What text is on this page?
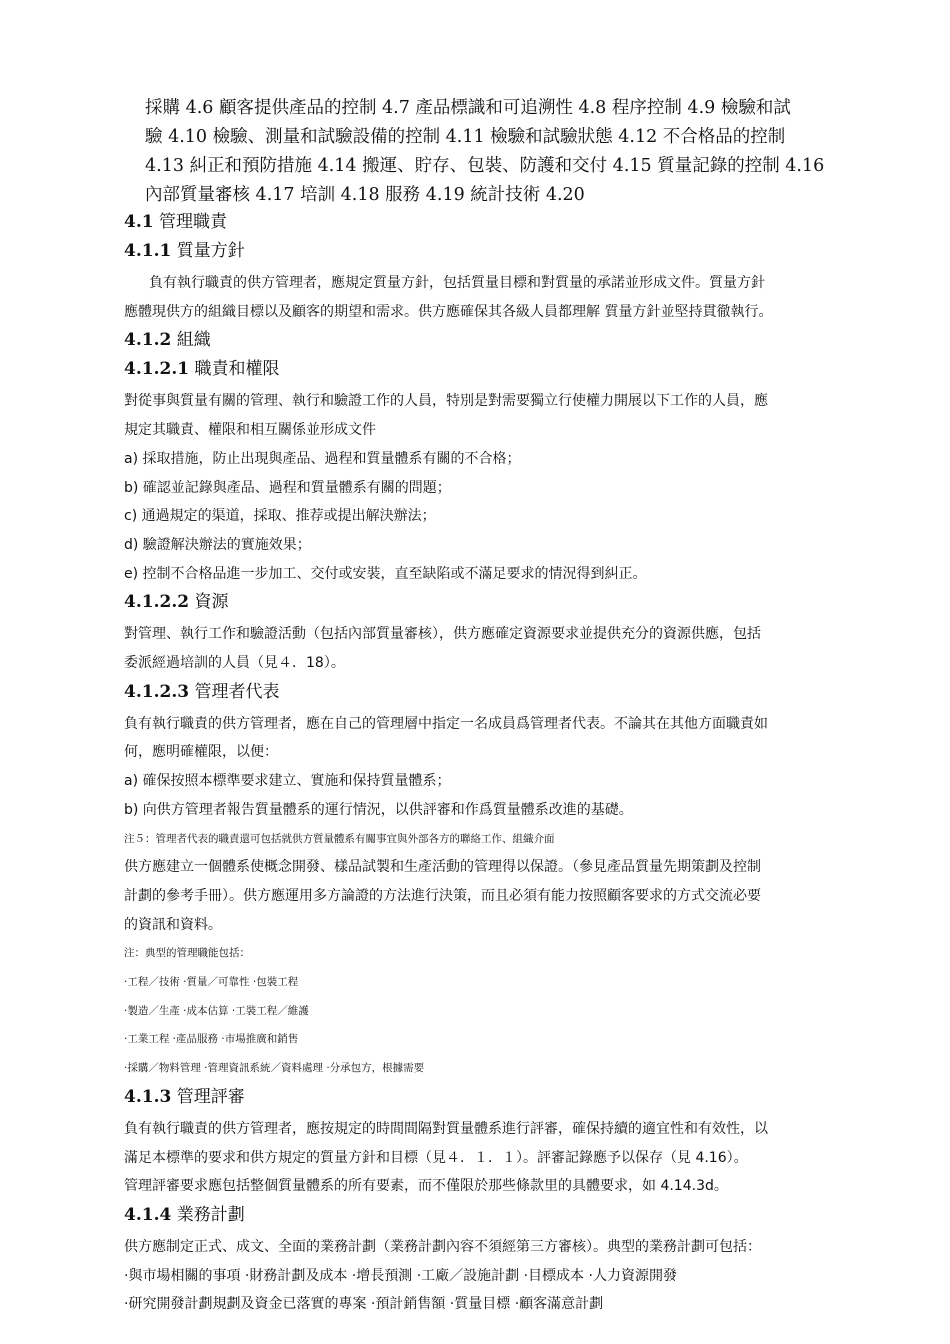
採購 4.6 顧客提供產品的控制 4.7 產品標識和可追溯性 4.8 程序控制 4.9 檢驗和試

驗 4.10 檢驗、測量和試驗設備的控制 4.11 檢驗和試驗狀態 4.12 不合格品的控制

4.13 糾正和預防措施 4.14 搬運、貯存、包裝、防護和交付 4.15 質量記錄的控制 4.16

內部質量審核 4.17 培訓 4.18 服務 4.19 統計技術 4.20

4.1 管理職責
4.1.1 質量方針
負有執行職責的供方管理者，應規定質量方針，包括質量目標和對質量的承諾並形成文件。質量方針
應體現供方的組織目標以及顧客的期望和需求。供方應確保其各級人員都理解 質量方針並堅持貫徹執行。
4.1.2 組織
4.1.2.1 職責和權限
對從事與質量有關的管理、執行和驗證工作的人員，特別是對需要獨立行使權力開展以下工作的人員，應
規定其職責、權限和相互關係並形成文件
a) 採取措施，防止出現與產品、過程和質量體系有關的不合格；
b) 確認並記錄與產品、過程和質量體系有關的問題；
c) 通過規定的渠道，採取、推荐或提出解決辦法；
d) 驗證解決辦法的實施效果；
e) 控制不合格品進一步加工、交付或安裝，直至缺陷或不滿足要求的情況得到糾正。
4.1.2.2 資源
對管理、執行工作和驗證活動（包括內部質量審核），供方應確定資源要求並提供充分的資源供應，包括
委派經過培訓的人員（見４．18）。
4.1.2.3 管理者代表
負有執行職責的供方管理者，應在自己的管理層中指定一名成員爲管理者代表。不論其在其他方面職責如
何，應明確權限，以便：
a) 確保按照本標準要求建立、實施和保持質量體系；
b) 向供方管理者報告質量體系的運行情況，以供評審和作爲質量體系改進的基礎。
注５：管理者代表的職責還可包括就供方質量體系有關事宜與外部各方的聯絡工作、組織介面
供方應建立一個體系使概念開發、樣品試製和生產活動的管理得以保證。（參見產品質量先期策劃及控制
計劃的參考手冊）。供方應運用多方論證的方法進行決策，而且必須有能力按照顧客要求的方式交流必要
的資訊和資料。
注：典型的管理職能包括：
·工程／技術 ·質量／可靠性 ·包裝工程
·製造／生產 ·成本估算 ·工裝工程／維護
·工業工程 ·產品服務 ·市場推廣和銷售
·採購／物料管理 ·管理資訊系統／資料處理 ·分承包方，根據需要
4.1.3 管理評審
負有執行職責的供方管理者，應按規定的時間間隔對質量體系進行評審，確保持續的適宜性和有效性，以
滿足本標準的要求和供方規定的質量方針和目標（見４．１．１）。評審記錄應予以保存（見 4.16）。
管理評審要求應包括整個質量體系的所有要素，而不僅限於那些條款里的具體要求，如 4.14.3d。
4.1.4 業務計劃
供方應制定正式、成文、全面的業務計劃（業務計劃內容不須經第三方審核）。典型的業務計劃可包括：
·與市場相關的事項 ·財務計劃及成本 ·增長預測 ·工廠／設施計劃 ·目標成本 ·人力資源開發
·研究開發計劃規劃及資金已落實的專案 ·預計銷售額 ·質量目標 ·顧客滿意計劃
